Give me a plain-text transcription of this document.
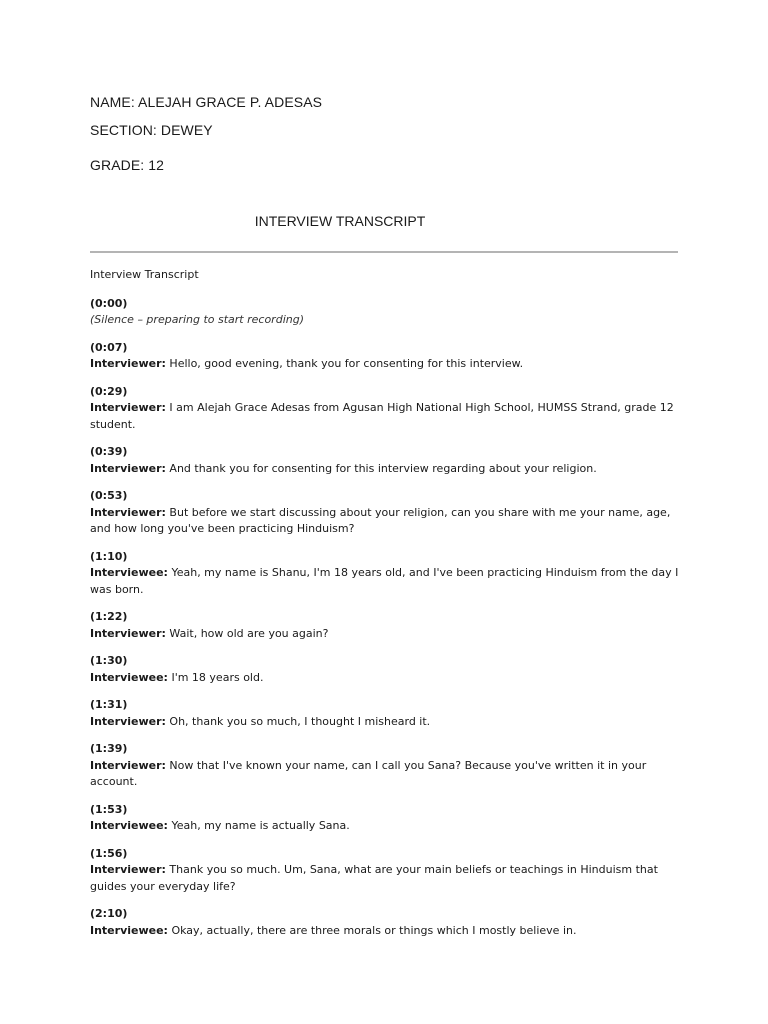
NAME: ALEJAH GRACE P. ADESAS
SECTION: DEWEY
GRADE: 12
INTERVIEW TRANSCRIPT
Interview Transcript
(0:00)
(Silence – preparing to start recording)
(0:07)
Interviewer: Hello, good evening, thank you for consenting for this interview.
(0:29)
Interviewer: I am Alejah Grace Adesas from Agusan High National High School, HUMSS Strand, grade 12 student.
(0:39)
Interviewer: And thank you for consenting for this interview regarding about your religion.
(0:53)
Interviewer: But before we start discussing about your religion, can you share with me your name, age, and how long you've been practicing Hinduism?
(1:10)
Interviewee: Yeah, my name is Shanu, I'm 18 years old, and I've been practicing Hinduism from the day I was born.
(1:22)
Interviewer: Wait, how old are you again?
(1:30)
Interviewee: I'm 18 years old.
(1:31)
Interviewer: Oh, thank you so much, I thought I misheard it.
(1:39)
Interviewer: Now that I've known your name, can I call you Sana? Because you've written it in your account.
(1:53)
Interviewee: Yeah, my name is actually Sana.
(1:56)
Interviewer: Thank you so much. Um, Sana, what are your main beliefs or teachings in Hinduism that guides your everyday life?
(2:10)
Interviewee: Okay, actually, there are three morals or things which I mostly believe in.
